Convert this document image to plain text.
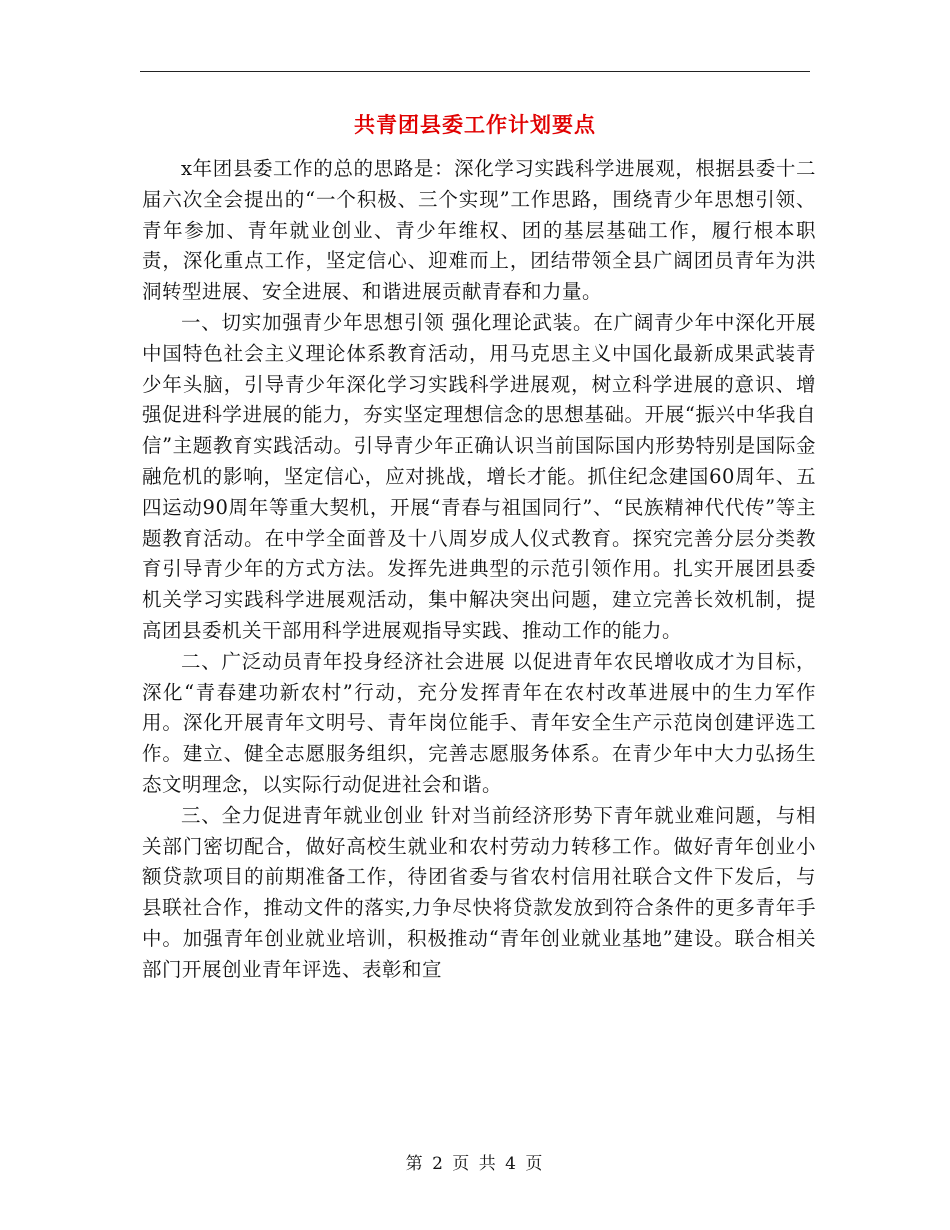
共青团县委工作计划要点

x年团县委工作的总的思路是：深化学习实践科学进展观，根据县委十二届六次全会提出的“一个积极、三个实现”工作思路，围绕青少年思想引领、青年参加、青年就业创业、青少年维权、团的基层基础工作，履行根本职责，深化重点工作，坚定信心、迎难而上，团结带领全县广阔团员青年为洪洞转型进展、安全进展、和谐进展贡献青春和力量。

一、切实加强青少年思想引领 强化理论武装。在广阔青少年中深化开展中国特色社会主义理论体系教育活动，用马克思主义中国化最新成果武装青少年头脑，引导青少年深化学习实践科学进展观，树立科学进展的意识、增强促进科学进展的能力，夯实坚定理想信念的思想基础。开展“振兴中华我自信”主题教育实践活动。引导青少年正确认识当前国际国内形势特别是国际金融危机的影响，坚定信心，应对挑战，增长才能。抓住纪念建国60周年、五四运动90周年等重大契机，开展“青春与祖国同行”、“民族精神代代传”等主题教育活动。在中学全面普及十八周岁成人仪式教育。探究完善分层分类教育引导青少年的方式方法。发挥先进典型的示范引领作用。扎实开展团县委机关学习实践科学进展观活动，集中解决突出问题，建立完善长效机制，提高团县委机关干部用科学进展观指导实践、推动工作的能力。

二、广泛动员青年投身经济社会进展 以促进青年农民增收成才为目标，深化“青春建功新农村”行动，充分发挥青年在农村改革进展中的生力军作用。深化开展青年文明号、青年岗位能手、青年安全生产示范岗创建评选工作。建立、健全志愿服务组织，完善志愿服务体系。在青少年中大力弘扬生态文明理念，以实际行动促进社会和谐。

三、全力促进青年就业创业 针对当前经济形势下青年就业难问题，与相关部门密切配合，做好高校生就业和农村劳动力转移工作。做好青年创业小额贷款项目的前期准备工作，待团省委与省农村信用社联合文件下发后，与县联社合作，推动文件的落实,力争尽快将贷款发放到符合条件的更多青年手中。加强青年创业就业培训，积极推动“青年创业就业基地”建设。联合相关部门开展创业青年评选、表彰和宣

第 2 页 共 4 页
